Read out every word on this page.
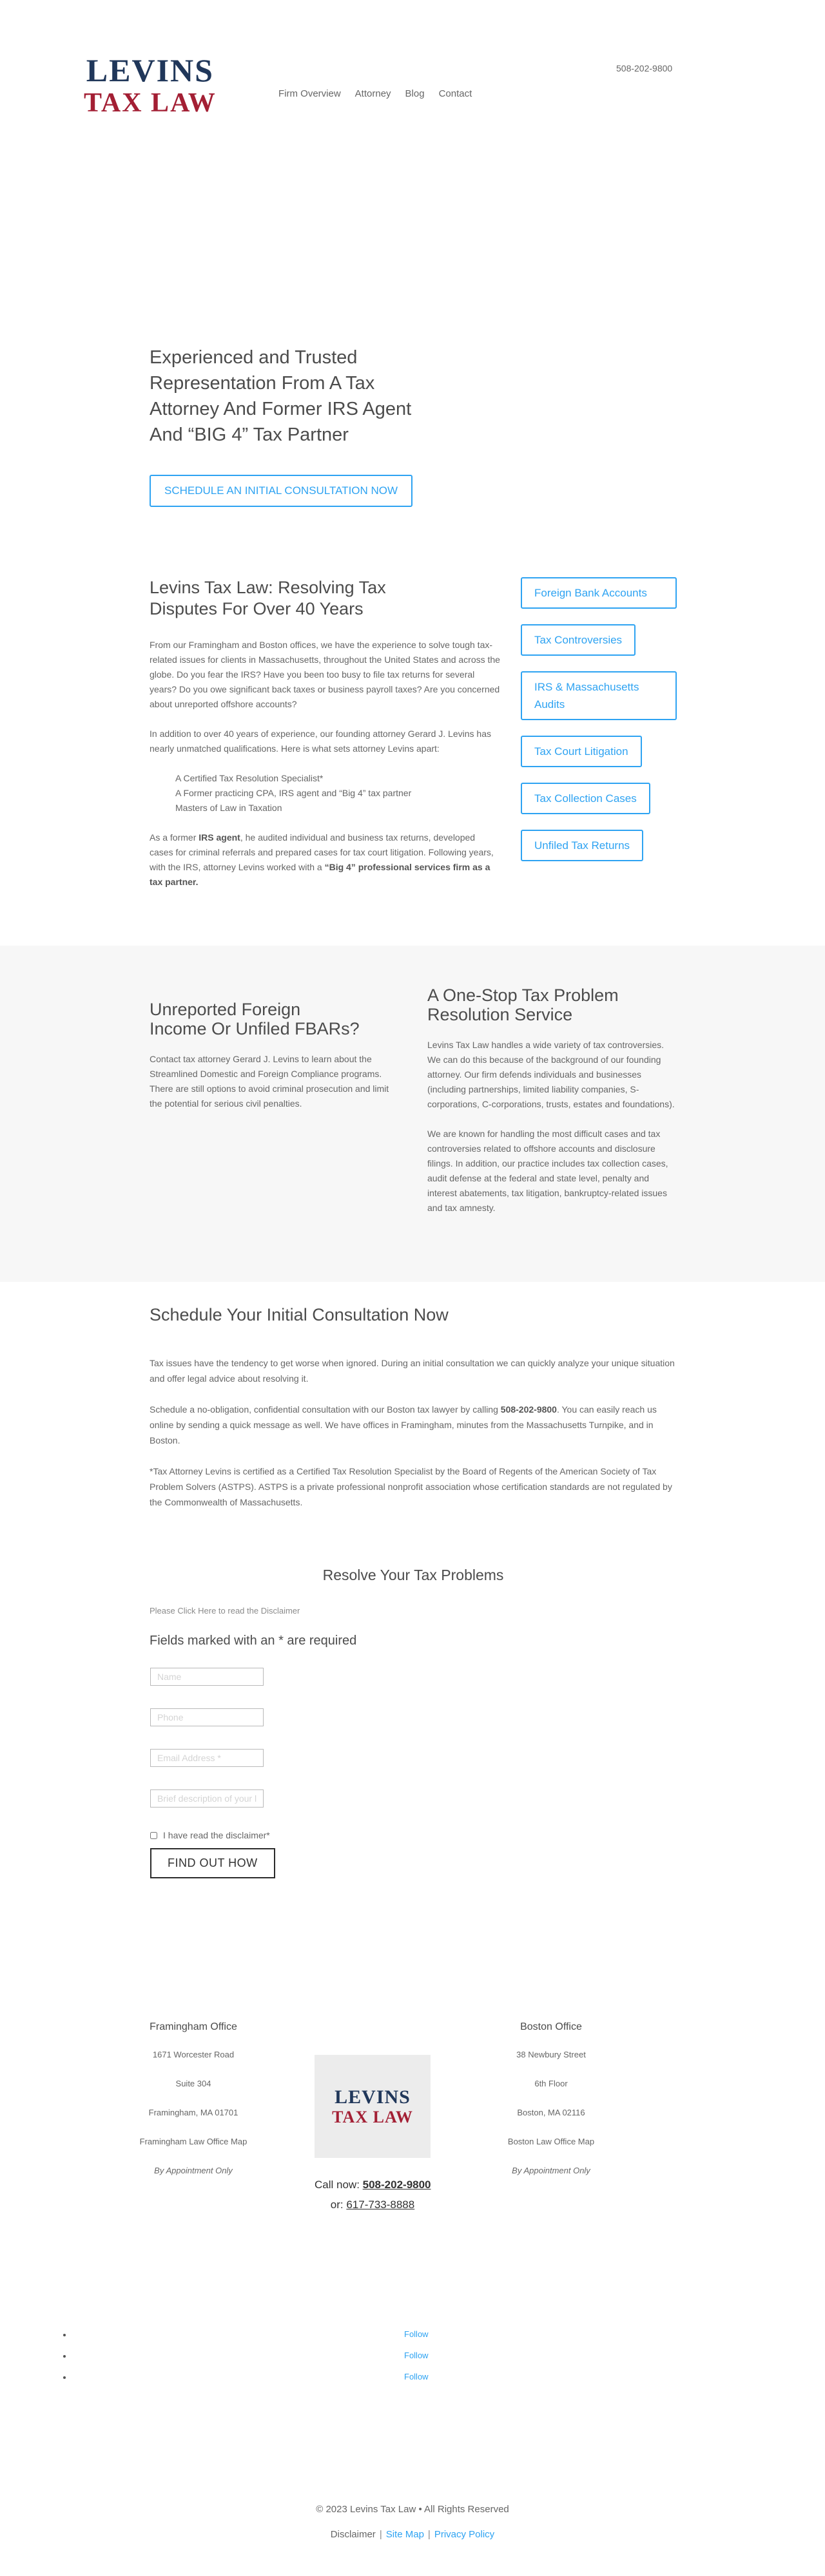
LEVINS
TAX LAW	Firm Overview Attorney Blog Contact
508-202-9800
Experienced and Trusted
Representation From A Tax
Attorney And Former IRS Agent
And “BIG 4” Tax Partner
SCHEDULE AN INITIAL CONSULTATION NOW
Levins Tax Law: Resolving Tax
Disputes For Over 40 Years

From our Framingham and Boston offices, we have the experience to solve tough tax-related issues for clients in Massachusetts, throughout the United States and across the globe. Do you fear the IRS? Have you been too busy to file tax returns for several years? Do you owe significant back taxes or business payroll taxes? Are you concerned about unreported offshore accounts?

In addition to over 40 years of experience, our founding attorney Gerard J. Levins has nearly unmatched qualifications. Here is what sets attorney Levins apart:

A Certified Tax Resolution Specialist*
A Former practicing CPA, IRS agent and “Big 4” tax partner
Masters of Law in Taxation

As a former IRS agent, he audited individual and business tax returns, developed cases for criminal referrals and prepared cases for tax court litigation. Following years, with the IRS, attorney Levins worked with a “Big 4” professional services firm as a tax partner.

Foreign Bank Accounts Tax Controversies IRS & Massachusetts Audits Tax Court Litigation Tax Collection Cases Unfiled Tax Returns
Unreported Foreign
Income Or Unfiled FBARs?

Contact tax attorney Gerard J. Levins to learn about the Streamlined Domestic and Foreign Compliance programs. There are still options to avoid criminal prosecution and limit the potential for serious civil penalties.

A One-Stop Tax Problem
Resolution Service

Levins Tax Law handles a wide variety of tax controversies. We can do this because of the background of our founding attorney. Our firm defends individuals and businesses (including partnerships, limited liability companies, S-corporations, C-corporations, trusts, estates and foundations).

We are known for handling the most difficult cases and tax controversies related to offshore accounts and disclosure filings. In addition, our practice includes tax collection cases, audit defense at the federal and state level, penalty and interest abatements, tax litigation, bankruptcy-related issues and tax amnesty.

Schedule Your Initial Consultation Now

Tax issues have the tendency to get worse when ignored. During an initial consultation we can quickly analyze your unique situation and offer legal advice about resolving it.

Schedule a no-obligation, confidential consultation with our Boston tax lawyer by calling 508-202-9800. You can easily reach us online by sending a quick message as well. We have offices in Framingham, minutes from the Massachusetts Turnpike, and in Boston.

*Tax Attorney Levins is certified as a Certified Tax Resolution Specialist by the Board of Regents of the American Society of Tax Problem Solvers (ASTPS). ASTPS is a private professional nonprofit association whose certification standards are not regulated by the Commonwealth of Massachusetts.

Resolve Your Tax Problems
Please Click Here to read the Disclaimer
Fields marked with an * are required
Name
Phone
Email Address *
Brief description of your legal issue *
I have read the disclaimer*
FIND OUT HOW
Framingham Office
1671 Worcester Road
Suite 304
Framingham, MA 01701
Framingham Law Office Map
By Appointment Only
LEVINS
TAX LAW
Call now: 508-202-9800
or: 617-733-8888
Boston Office
38 Newbury Street
6th Floor
Boston, MA 02116
Boston Law Office Map
By Appointment Only
• Follow
• Follow
• Follow
© 2023 Levins Tax Law • All Rights Reserved
Disclaimer | Site Map | Privacy Policy
